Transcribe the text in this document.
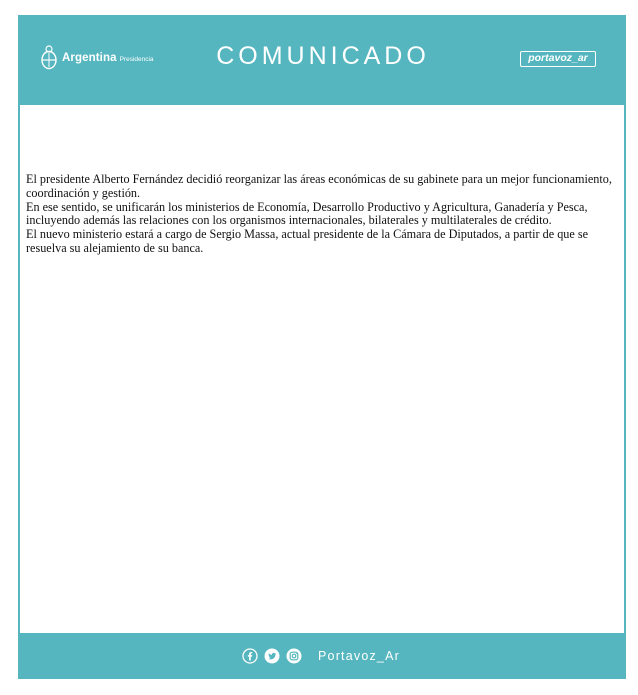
Argentina Presidencia	COMUNICADO	portavoz_ar

El presidente Alberto Fernández decidió reorganizar las áreas económicas de su gabinete para un mejor funcionamiento, coordinación y gestión.

En ese sentido, se unificarán los ministerios de Economía, Desarrollo Productivo y Agricultura, Ganadería y Pesca, incluyendo además las relaciones con los organismos internacionales, bilaterales y multilaterales de crédito.

El nuevo ministerio estará a cargo de Sergio Massa, actual presidente de la Cámara de Diputados, a partir de que se resuelva su alejamiento de su banca.

Portavoz_Ar
